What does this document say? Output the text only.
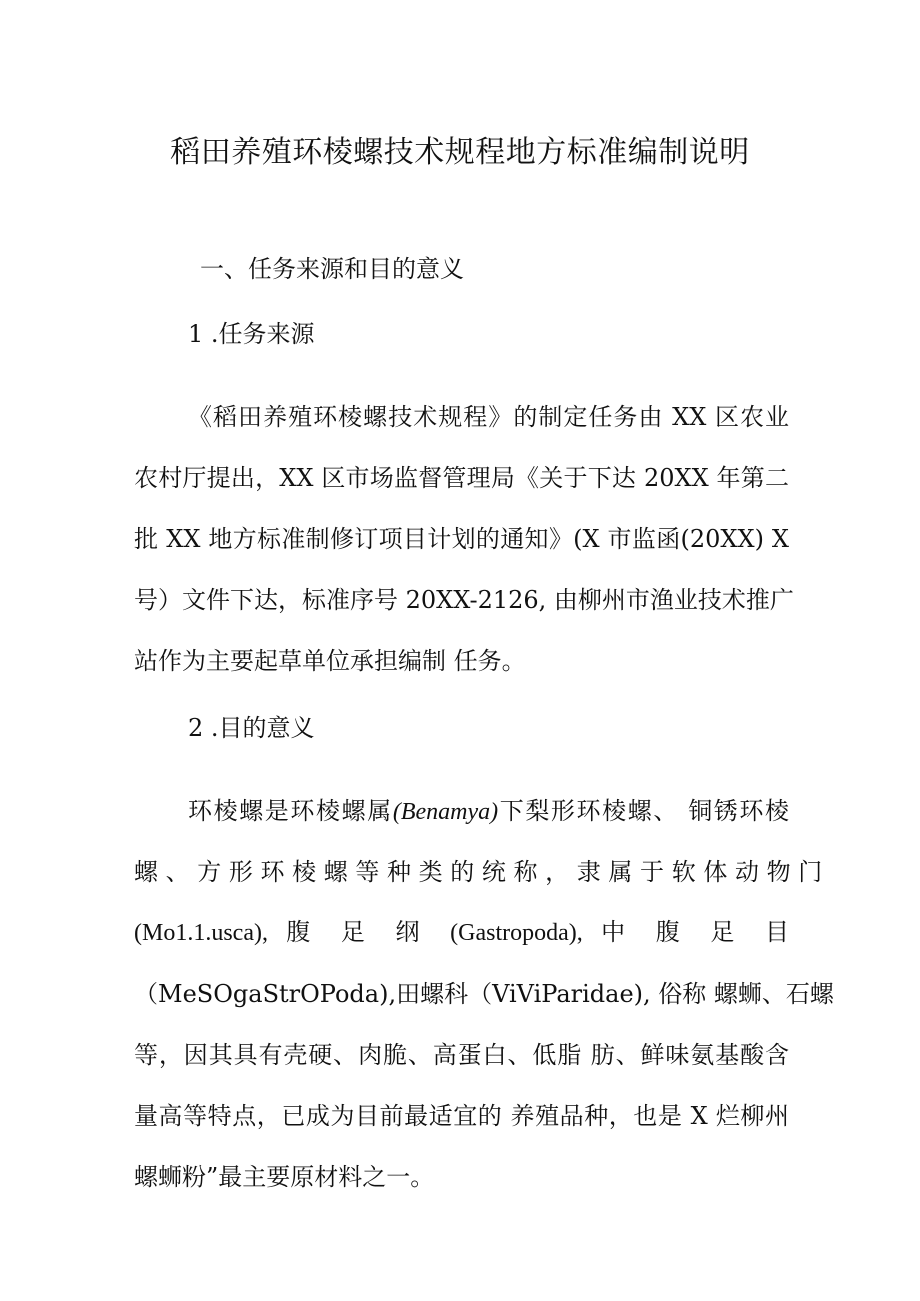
稻田养殖环棱螺技术规程地方标准编制说明
一、任务来源和目的意义
1 .任务来源
《稻田养殖环棱螺技术规程》的制定任务由 XX 区农业
农村厅提出，XX 区市场监督管理局《关于下达 20XX 年第二
批 XX 地方标准制修订项目计划的通知》(X 市监函(20XX) X
号）文件下达，标准序号 20XX-2126, 由柳州市渔业技术推广
站作为主要起草单位承担编制 任务。
2 .目的意义
环棱螺是环棱螺属(Benamya)下梨形环棱螺、 铜锈环棱
螺 、 方 形 环 棱 螺 等 种 类 的 统 称 ， 隶 属 于 软 体 动 物 门
(Mo1.1.usca), 腹 足 纲 (Gastropoda), 中 腹 足 目
（MeSOgaStrOPoda),田螺科（ViViParidae), 俗称 螺蛳、石螺
等，因其具有壳硬、肉脆、高蛋白、低脂 肪、鲜味氨基酸含
量高等特点，已成为目前最适宜的 养殖品种，也是 X 烂柳州
螺蛳粉”最主要原材料之一。
